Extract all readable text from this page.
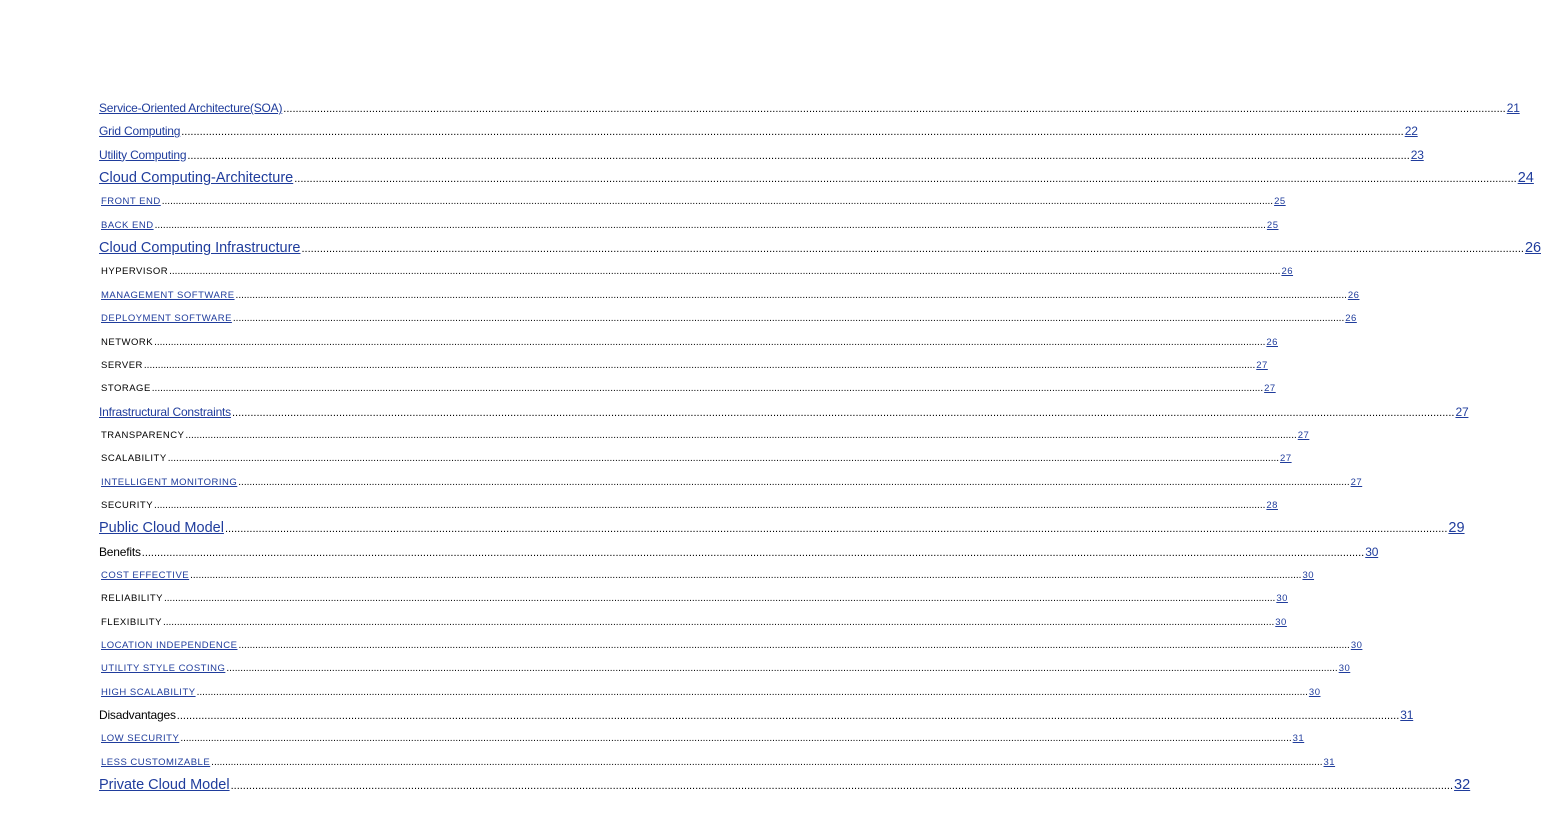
Service-Oriented Architecture(SOA) ................................................................................................................................................................................................................................................................................................................................................................................................................ 21
Grid Computing ................................................................................................................................................................................................................................................................................................................................................................................................................ 22
Utility Computing ................................................................................................................................................................................................................................................................................................................................................................................................................ 23
Cloud Computing-Architecture ................................................................................................................................................................................................................................................................................................................................................................................................................ 24
FRONT END ................................................................................................................................................................................................................................................................................................................................................................................................................ 25
BACK END ................................................................................................................................................................................................................................................................................................................................................................................................................ 25
Cloud Computing Infrastructure ................................................................................................................................................................................................................................................................................................................................................................................................................ 26
HYPERVISOR ................................................................................................................................................................................................................................................................................................................................................................................................................ 26
MANAGEMENT SOFTWARE ................................................................................................................................................................................................................................................................................................................................................................................................................ 26
DEPLOYMENT SOFTWARE ................................................................................................................................................................................................................................................................................................................................................................................................................ 26
NETWORK ................................................................................................................................................................................................................................................................................................................................................................................................................ 26
SERVER ................................................................................................................................................................................................................................................................................................................................................................................................................ 27
STORAGE ................................................................................................................................................................................................................................................................................................................................................................................................................ 27
Infrastructural Constraints ................................................................................................................................................................................................................................................................................................................................................................................................................ 27
TRANSPARENCY ................................................................................................................................................................................................................................................................................................................................................................................................................ 27
SCALABILITY ................................................................................................................................................................................................................................................................................................................................................................................................................ 27
INTELLIGENT MONITORING ................................................................................................................................................................................................................................................................................................................................................................................................................ 27
SECURITY ................................................................................................................................................................................................................................................................................................................................................................................................................ 28
Public Cloud Model ................................................................................................................................................................................................................................................................................................................................................................................................................ 29
Benefits ................................................................................................................................................................................................................................................................................................................................................................................................................ 30
COST EFFECTIVE ................................................................................................................................................................................................................................................................................................................................................................................................................ 30
RELIABILITY ................................................................................................................................................................................................................................................................................................................................................................................................................ 30
FLEXIBILITY ................................................................................................................................................................................................................................................................................................................................................................................................................ 30
LOCATION INDEPENDENCE ................................................................................................................................................................................................................................................................................................................................................................................................................ 30
UTILITY STYLE COSTING ................................................................................................................................................................................................................................................................................................................................................................................................................ 30
HIGH SCALABILITY ................................................................................................................................................................................................................................................................................................................................................................................................................ 30
Disadvantages ................................................................................................................................................................................................................................................................................................................................................................................................................ 31
LOW SECURITY ................................................................................................................................................................................................................................................................................................................................................................................................................ 31
LESS CUSTOMIZABLE ................................................................................................................................................................................................................................................................................................................................................................................................................ 31
Private Cloud Model ................................................................................................................................................................................................................................................................................................................................................................................................................ 32
